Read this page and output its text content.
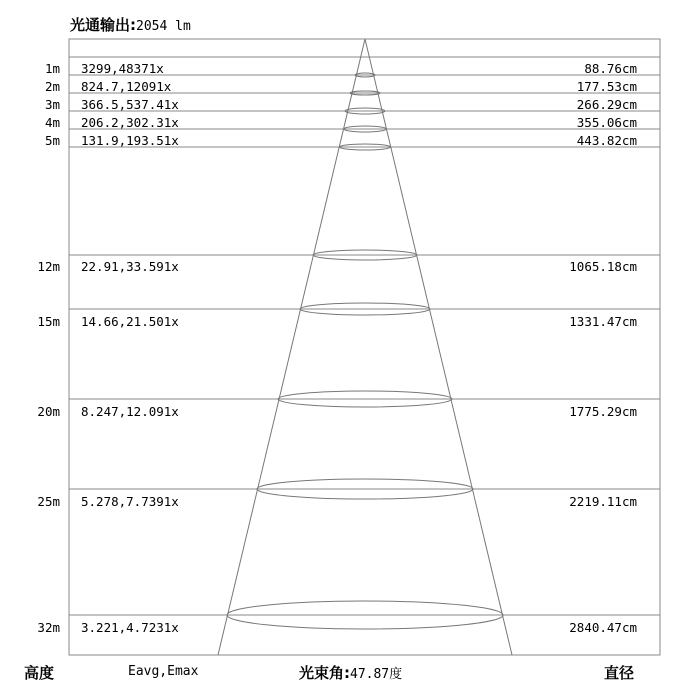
光通输出:2054 lm
1m 3299,48371x	88.76cm
2m 824.7,12091x	177.53cm
3m 366.5,537.41x	266.29cm
4m 206.2,302.31x	355.06cm
5m 131.9,193.51x	443.82cm
12m 22.91,33.591x	1065.18cm
15m 14.66,21.501x	1331.47cm
20m 8.247,12.091x	1775.29cm
25m 5.278,7.7391x	2219.11cm
32m 3.221,4.7231x	2840.47cm
高度	Eavg,Emax	光束角:47.87度	直径
